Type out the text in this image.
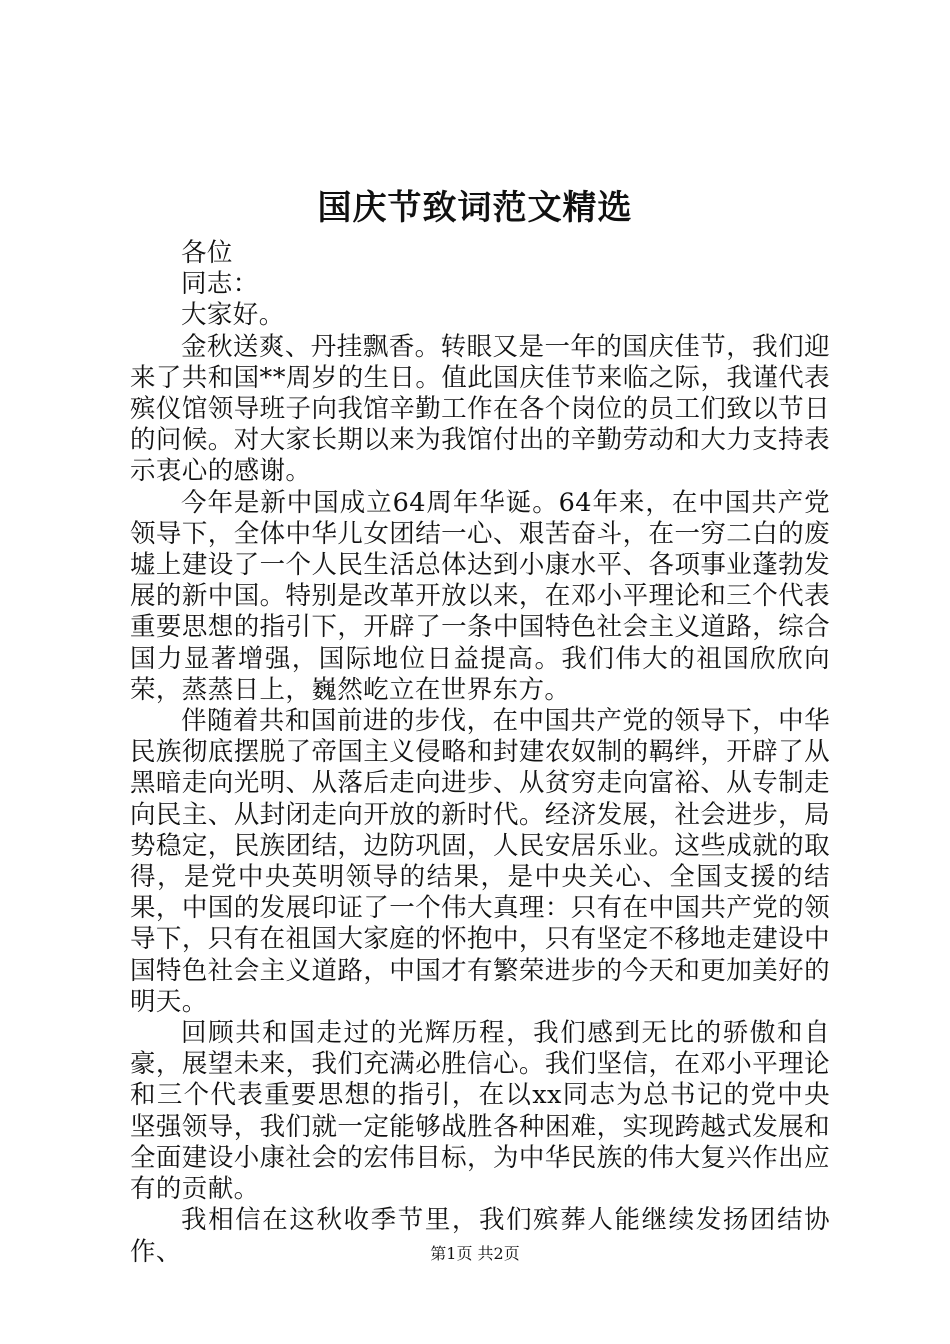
国庆节致词范文精选

各位

同志：

大家好。

金秋送爽、丹挂飘香。转眼又是一年的国庆佳节，我们迎来了共和国**周岁的生日。值此国庆佳节来临之际，我谨代表殡仪馆领导班子向我馆辛勤工作在各个岗位的员工们致以节日的问候。对大家长期以来为我馆付出的辛勤劳动和大力支持表示衷心的感谢。

今年是新中国成立64周年华诞。64年来，在中国共产党领导下，全体中华儿女团结一心、艰苦奋斗，在一穷二白的废墟上建设了一个人民生活总体达到小康水平、各项事业蓬勃发展的新中国。特别是改革开放以来，在邓小平理论和三个代表重要思想的指引下，开辟了一条中国特色社会主义道路，综合国力显著增强，国际地位日益提高。我们伟大的祖国欣欣向荣，蒸蒸日上，巍然屹立在世界东方。

伴随着共和国前进的步伐，在中国共产党的领导下，中华民族彻底摆脱了帝国主义侵略和封建农奴制的羁绊，开辟了从黑暗走向光明、从落后走向进步、从贫穷走向富裕、从专制走向民主、从封闭走向开放的新时代。经济发展，社会进步，局势稳定，民族团结，边防巩固，人民安居乐业。这些成就的取得，是党中央英明领导的结果，是中央关心、全国支援的结果，中国的发展印证了一个伟大真理：只有在中国共产党的领导下，只有在祖国大家庭的怀抱中，只有坚定不移地走建设中国特色社会主义道路，中国才有繁荣进步的今天和更加美好的明天。

回顾共和国走过的光辉历程，我们感到无比的骄傲和自豪，展望未来，我们充满必胜信心。我们坚信，在邓小平理论和三个代表重要思想的指引，在以xx同志为总书记的党中央坚强领导，我们就一定能够战胜各种困难，实现跨越式发展和全面建设小康社会的宏伟目标，为中华民族的伟大复兴作出应有的贡献。

我相信在这秋收季节里，我们殡葬人能继续发扬团结协作、	第1页 共2页
